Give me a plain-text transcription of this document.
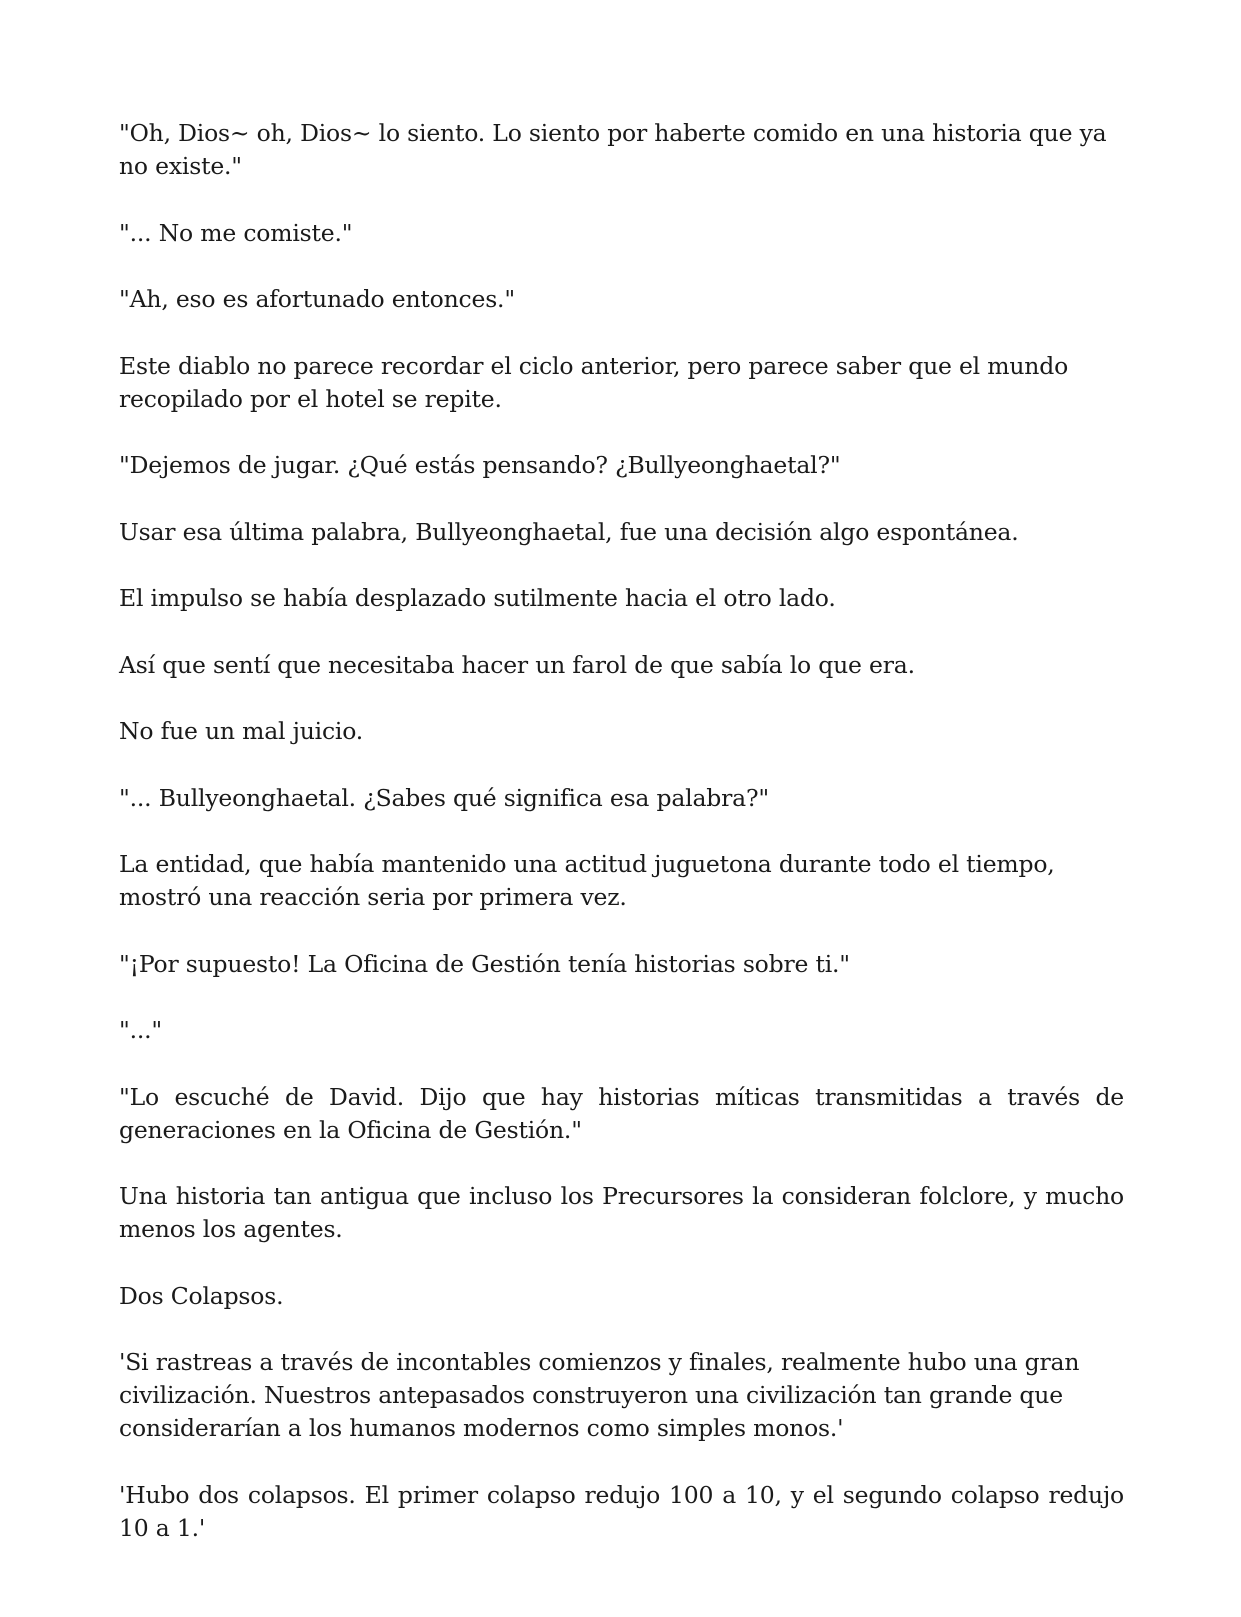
"Oh, Dios~ oh, Dios~ lo siento. Lo siento por haberte comido en una historia que ya no existe."

"... No me comiste."

"Ah, eso es afortunado entonces."

Este diablo no parece recordar el ciclo anterior, pero parece saber que el mundo recopilado por el hotel se repite.

"Dejemos de jugar. ¿Qué estás pensando? ¿Bullyeonghaetal?"

Usar esa última palabra, Bullyeonghaetal, fue una decisión algo espontánea.

El impulso se había desplazado sutilmente hacia el otro lado.

Así que sentí que necesitaba hacer un farol de que sabía lo que era.

No fue un mal juicio.

"... Bullyeonghaetal. ¿Sabes qué significa esa palabra?"

La entidad, que había mantenido una actitud juguetona durante todo el tiempo, mostró una reacción seria por primera vez.

"¡Por supuesto! La Oficina de Gestión tenía historias sobre ti."

"..."

"Lo escuché de David. Dijo que hay historias míticas transmitidas a través de generaciones en la Oficina de Gestión."

Una historia tan antigua que incluso los Precursores la consideran folclore, y mucho menos los agentes.

Dos Colapsos.

'Si rastreas a través de incontables comienzos y finales, realmente hubo una gran civilización. Nuestros antepasados construyeron una civilización tan grande que considerarían a los humanos modernos como simples monos.'

'Hubo dos colapsos. El primer colapso redujo 100 a 10, y el segundo colapso redujo 10 a 1.'
